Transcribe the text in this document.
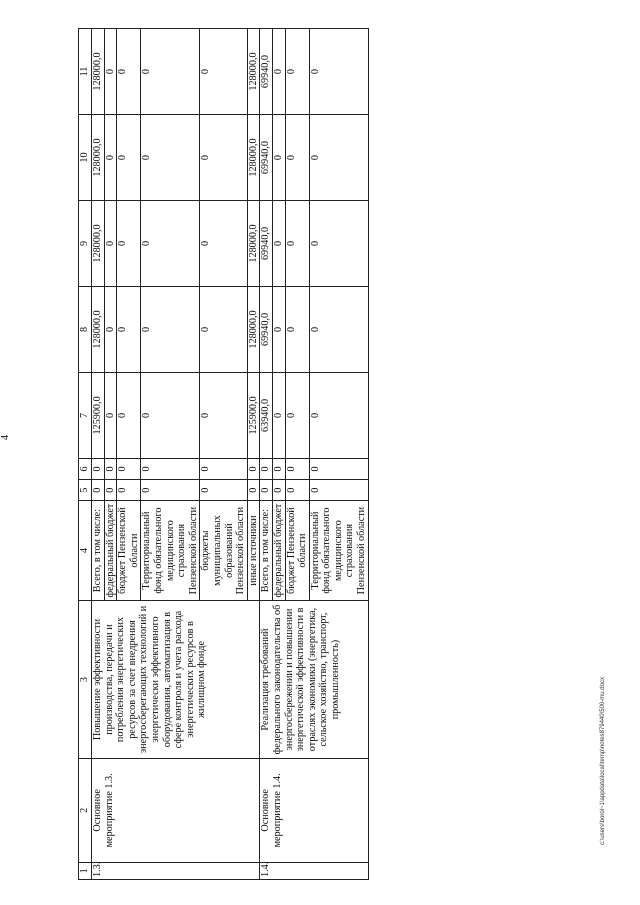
4
1	2	3	4	5	6	7	8	9	10	11
1.3.	Основное мероприятие 1.3.	Повышение эффективности производства, передачи и потребления энергетических ресурсов за счет внедрения энергосберегающих технологий и энергетически эффективного оборудования, автоматизация в сфере контроля и учета расхода энергетических ресурсов в жилищном фонде	Всего, в том числе:	0	0	125900,0	128000,0	128000,0	128000,0	128000,0
			федеральный бюджет	0	0	0	0	0	0	0
			бюджет Пензенской области	0	0	0	0	0	0	0
			Территориальный фонд обязательного медицинского страхования Пензенской области	0	0	0	0	0	0	0
			бюджеты муниципальных образований Пензенской области	0	0	0	0	0	0	0
			иные источники	0	0	125900,0	128000,0	128000,0	128000,0	128000,0
1.4.	Основное мероприятие 1.4.	Реализация требований федерального законодательства об энергосбережении и повышении энергетической эффективности в отраслях экономики (энергетика, сельское хозяйство, транспорт, промышленность)	Всего, в том числе:	0	0	63940,0	69940,0	69940,0	69940,0	69940,0
			федеральный бюджет	0	0	0	0	0	0	0
			бюджет Пензенской области	0	0	0	0	0	0	0
			Территориальный фонд обязательного медицинского страхования Пензенской области	0	0	0	0	0	0	0
c:\users\borol~1\appdata\local\temp\notes879440\500-mu.docx
